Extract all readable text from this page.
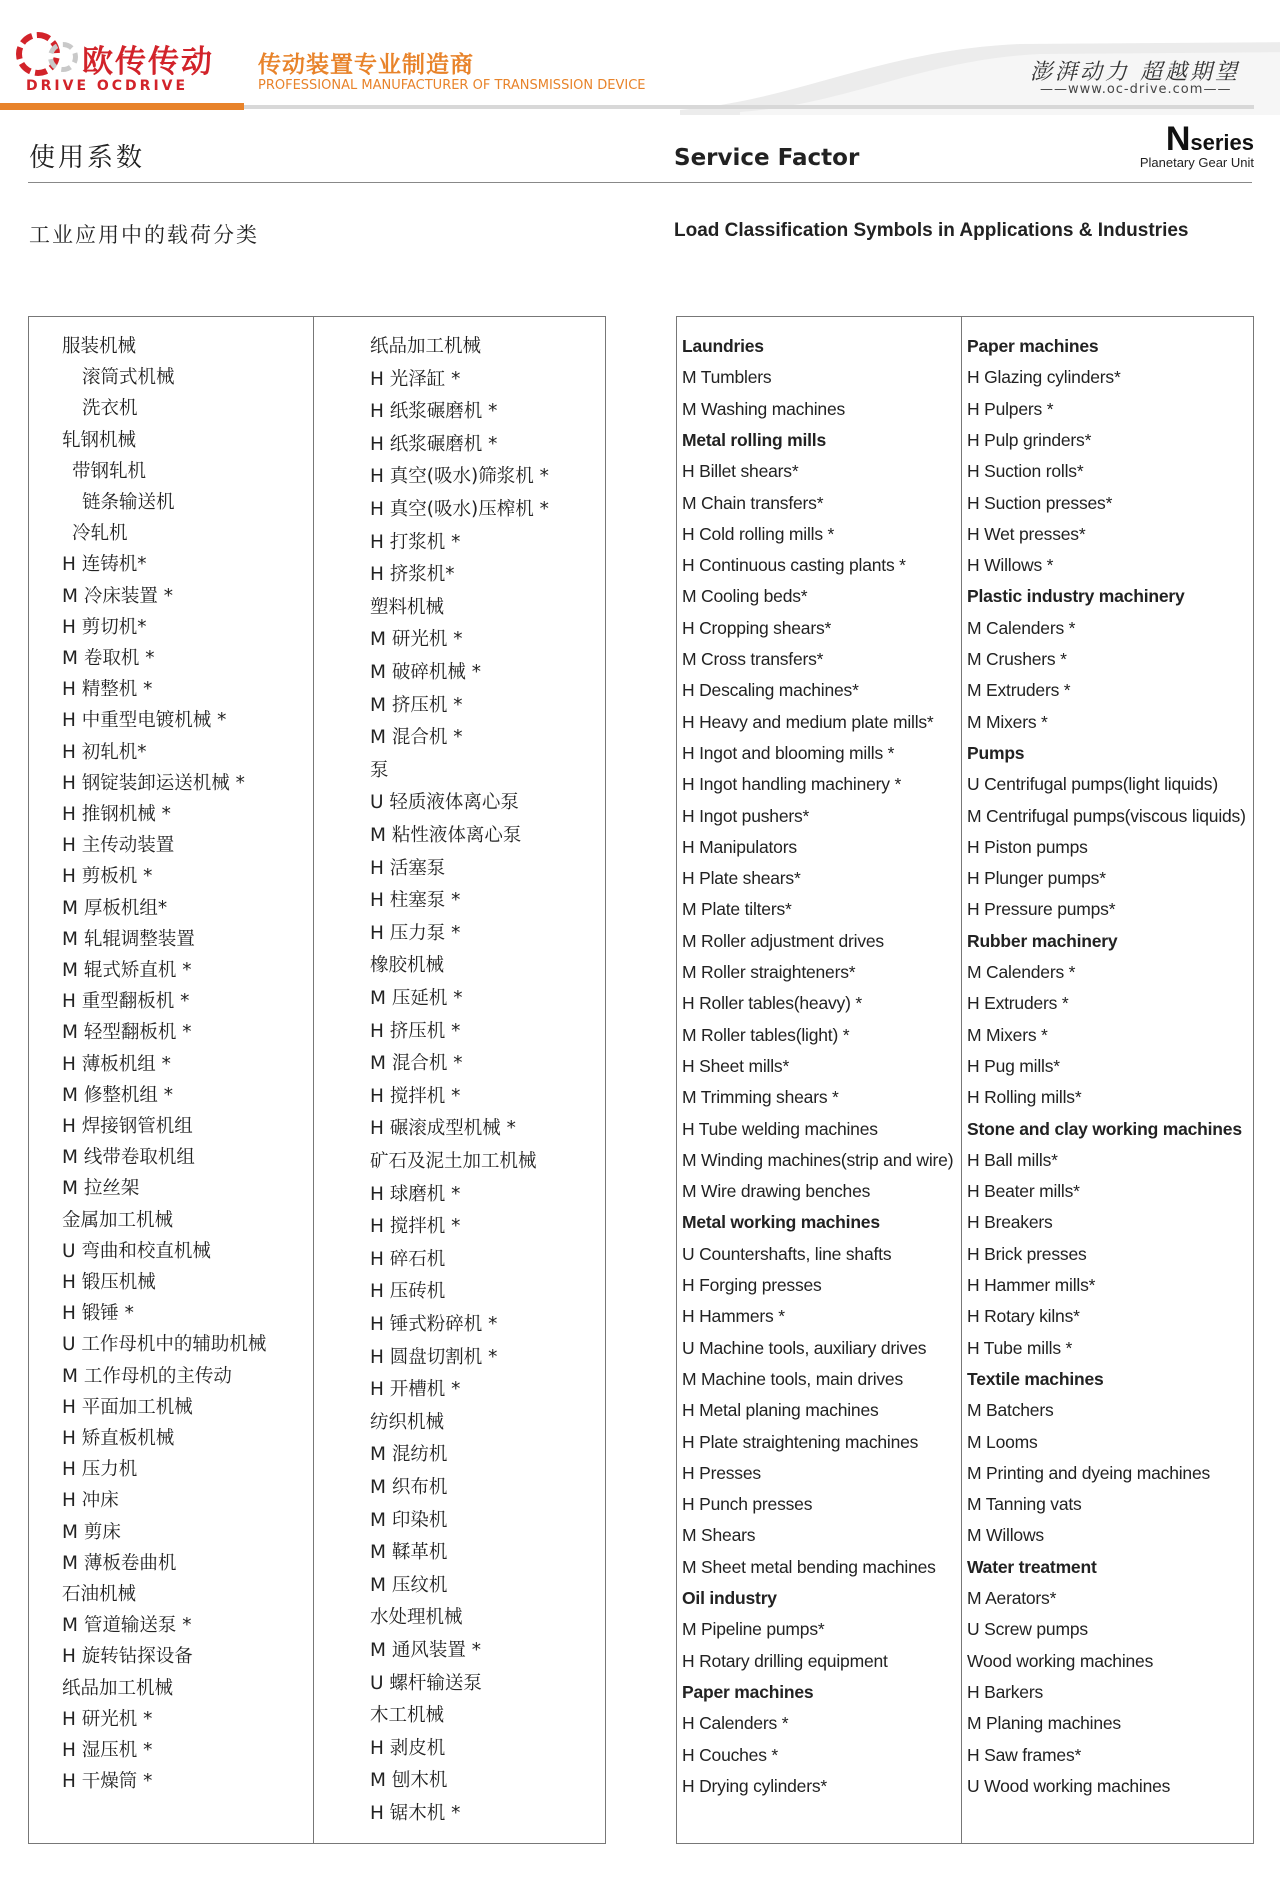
欧传传动
DRIVE OCDRIVE
传动装置专业制造商
PROFESSIONAL MANUFACTURER OF TRANSMISSION DEVICE
澎湃动力 超越期望
——www.oc-drive.com——
使用系数	Service Factor	Nseries
Planetary Gear Unit
工业应用中的载荷分类	Load Classification Symbols in Applications & Industries
服装机械
滚筒式机械
洗衣机
轧钢机械
带钢轧机
链条输送机
冷轧机
H 连铸机*
M 冷床装置 *
H 剪切机*
M 卷取机 *
H 精整机 *
H 中重型电镀机械 *
H 初轧机*
H 钢锭装卸运送机械 *
H 推钢机械 *
H 主传动装置
H 剪板机 *
M 厚板机组*
M 轧辊调整装置
M 辊式矫直机 *
H 重型翻板机 *
M 轻型翻板机 *
H 薄板机组 *
M 修整机组 *
H 焊接钢管机组
M 线带卷取机组
M 拉丝架
金属加工机械
U 弯曲和校直机械
H 锻压机械
H 锻锤 *
U 工作母机中的辅助机械
M 工作母机的主传动
H 平面加工机械
H 矫直板机械
H 压力机
H 冲床
M 剪床
M 薄板卷曲机
石油机械
M 管道输送泵 *
H 旋转钻探设备
纸品加工机械
H 研光机 *
H 湿压机 *
H 干燥筒 *
纸品加工机械
H 光泽缸 *
H 纸浆碾磨机 *
H 纸浆碾磨机 *
H 真空(吸水)筛浆机 *
H 真空(吸水)压榨机 *
H 打浆机 *
H 挤浆机*
塑料机械
M 研光机 *
M 破碎机械 *
M 挤压机 *
M 混合机 *
泵
U 轻质液体离心泵
M 粘性液体离心泵
H 活塞泵
H 柱塞泵 *
H 压力泵 *
橡胶机械
M 压延机 *
H 挤压机 *
M 混合机 *
H 搅拌机 *
H 碾滚成型机械 *
矿石及泥土加工机械
H 球磨机 *
H 搅拌机 *
H 碎石机
H 压砖机
H 锤式粉碎机 *
H 圆盘切割机 *
H 开槽机 *
纺织机械
M 混纺机
M 织布机
M 印染机
M 鞣革机
M 压纹机
水处理机械
M 通风装置 *
U 螺杆输送泵
木工机械
H 剥皮机
M 刨木机
H 锯木机 *
Laundries
M Tumblers
M Washing machines
Metal rolling mills
H Billet shears*
M Chain transfers*
H Cold rolling mills *
H Continuous casting plants *
M Cooling beds*
H Cropping shears*
M Cross transfers*
H Descaling machines*
H Heavy and medium plate mills*
H Ingot and blooming mills *
H Ingot handling machinery *
H Ingot pushers*
H Manipulators
H Plate shears*
M Plate tilters*
M Roller adjustment drives
M Roller straighteners*
H Roller tables(heavy) *
M Roller tables(light) *
H Sheet mills*
M Trimming shears *
H Tube welding machines
M Winding machines(strip and wire)
M Wire drawing benches
Metal working machines
U Countershafts, line shafts
H Forging presses
H Hammers *
U Machine tools, auxiliary drives
M Machine tools, main drives
H Metal planing machines
H Plate straightening machines
H Presses
H Punch presses
M Shears
M Sheet metal bending machines
Oil industry
M Pipeline pumps*
H Rotary drilling equipment
Paper machines
H Calenders *
H Couches *
H Drying cylinders*
Paper machines
H Glazing cylinders*
H Pulpers *
H Pulp grinders*
H Suction rolls*
H Suction presses*
H Wet presses*
H Willows *
Plastic industry machinery
M Calenders *
M Crushers *
M Extruders *
M Mixers *
Pumps
U Centrifugal pumps(light liquids)
M Centrifugal pumps(viscous liquids)
H Piston pumps
H Plunger pumps*
H Pressure pumps*
Rubber machinery
M Calenders *
H Extruders *
M Mixers *
H Pug mills*
H Rolling mills*
Stone and clay working machines
H Ball mills*
H Beater mills*
H Breakers
H Brick presses
H Hammer mills*
H Rotary kilns*
H Tube mills *
Textile machines
M Batchers
M Looms
M Printing and dyeing machines
M Tanning vats
M Willows
Water treatment
M Aerators*
U Screw pumps
Wood working machines
H Barkers
M Planing machines
H Saw frames*
U Wood working machines
